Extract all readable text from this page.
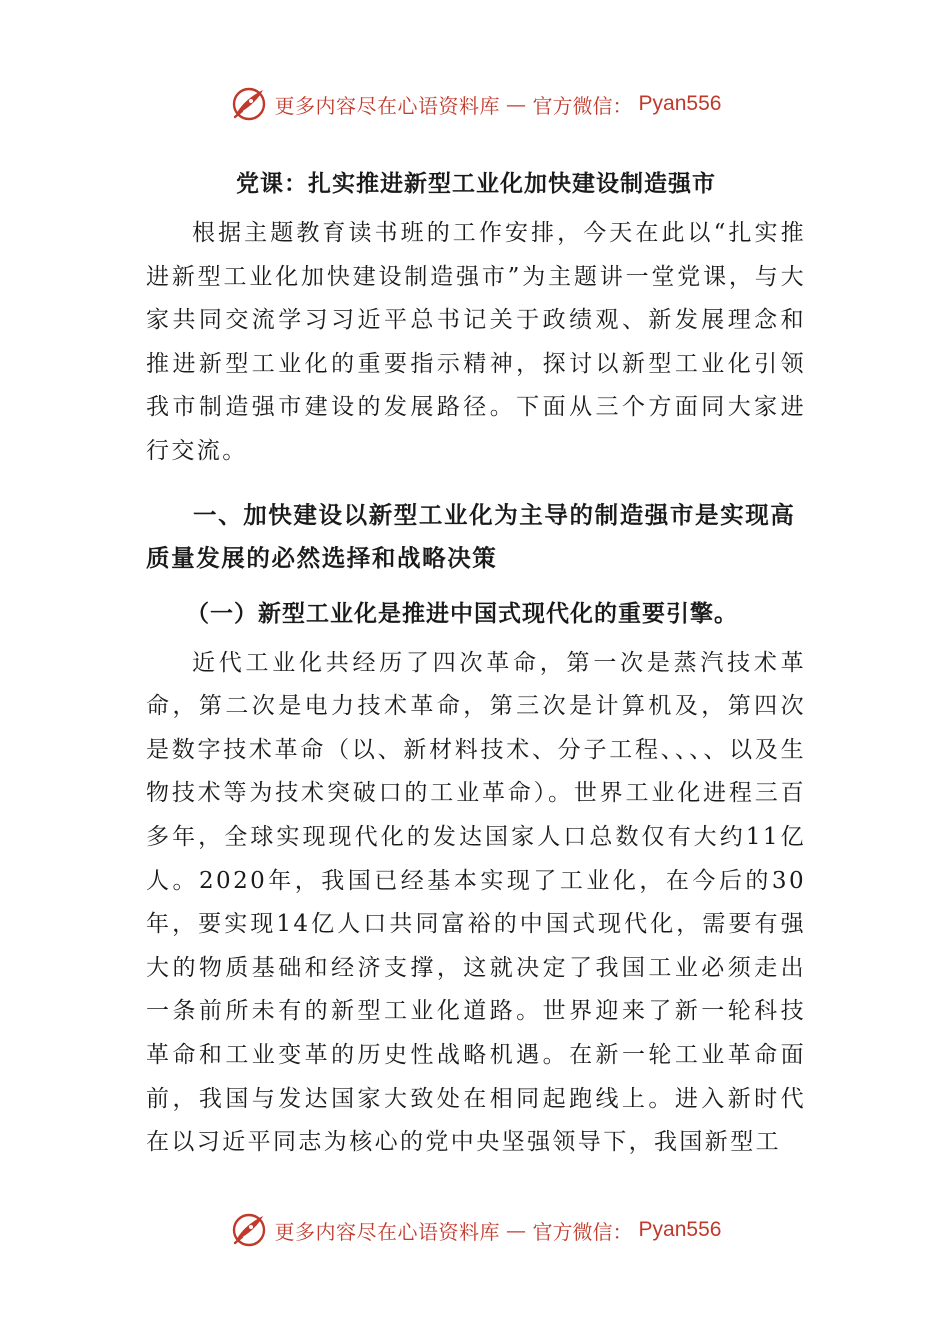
更多内容尽在心语资料库 — 官方微信： Pyan556
党课：扎实推进新型工业化加快建设制造强市

根据主题教育读书班的工作安排，今天在此以“扎实推进新型工业化加快建设制造强市”为主题讲一堂党课，与大家共同交流学习习近平总书记关于政绩观、新发展理念和推进新型工业化的重要指示精神，探讨以新型工业化引领我市制造强市建设的发展路径。下面从三个方面同大家进行交流。

一、加快建设以新型工业化为主导的制造强市是实现高质量发展的必然选择和战略决策
（一）新型工业化是推进中国式现代化的重要引擎。

近代工业化共经历了四次革命，第一次是蒸汽技术革命，第二次是电力技术革命，第三次是计算机及，第四次是数字技术革命（以、新材料技术、分子工程、、、、以及生物技术等为技术突破口的工业革命）。世界工业化进程三百多年，全球实现现代化的发达国家人口总数仅有大约11亿人。2020年，我国已经基本实现了工业化，在今后的30年，要实现14亿人口共同富裕的中国式现代化，需要有强大的物质基础和经济支撑，这就决定了我国工业必须走出一条前所未有的新型工业化道路。世界迎来了新一轮科技革命和工业变革的历史性战略机遇。在新一轮工业革命面前，我国与发达国家大致处在相同起跑线上。进入新时代在以习近平同志为核心的党中央坚强领导下，我国新型工

更多内容尽在心语资料库 — 官方微信： Pyan556
